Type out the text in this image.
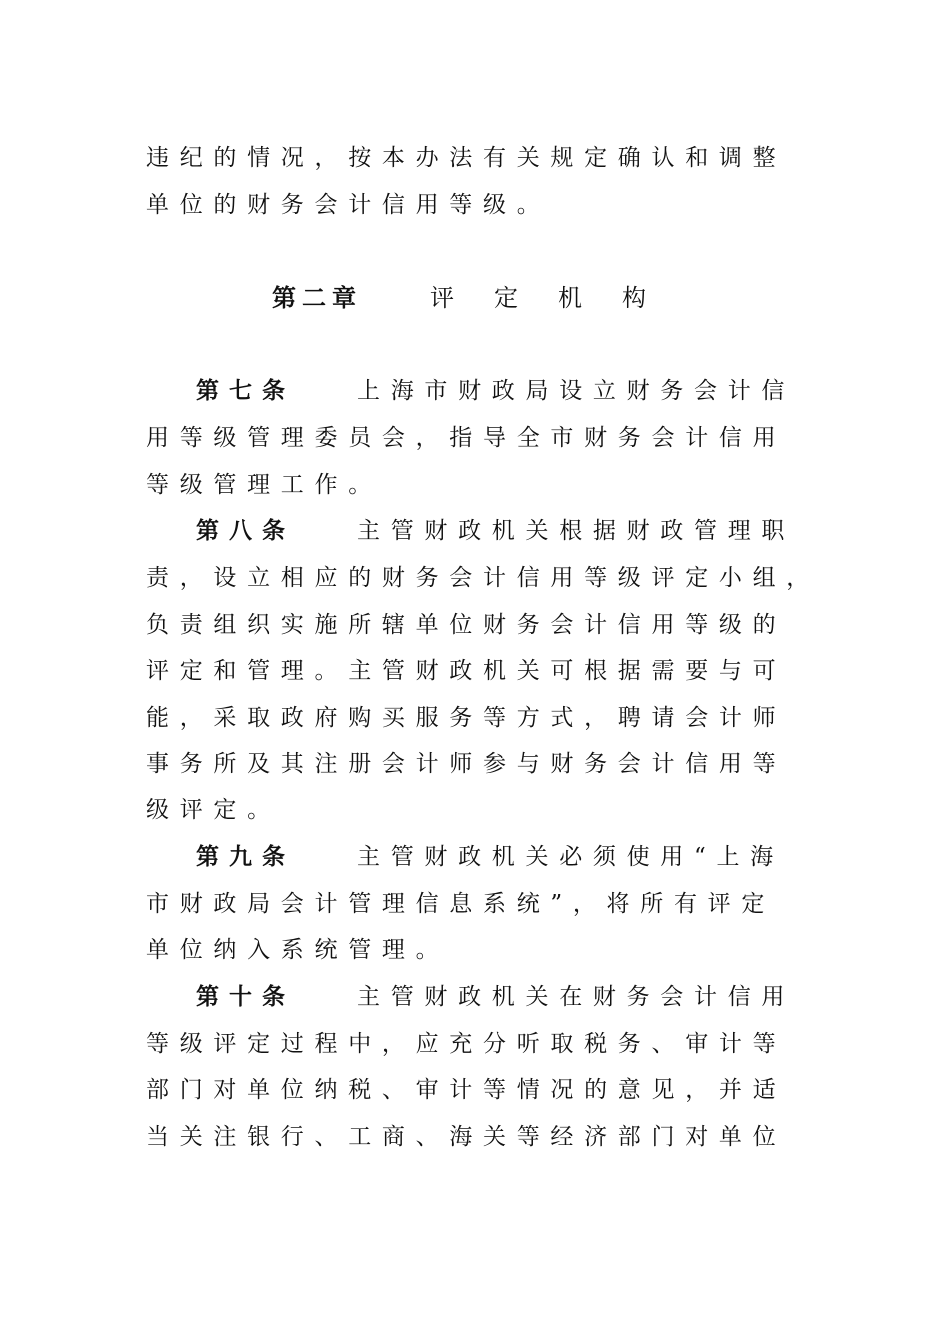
违纪的情况，按本办法有关规定确认和调整
单位的财务会计信用等级。
第二章	评定机构
第七条	上海市财政局设立财务会计信
用等级管理委员会，指导全市财务会计信用
等级管理工作。
第八条	主管财政机关根据财政管理职
责，设立相应的财务会计信用等级评定小组，
负责组织实施所辖单位财务会计信用等级的
评定和管理。主管财政机关可根据需要与可
能，采取政府购买服务等方式，聘请会计师
事务所及其注册会计师参与财务会计信用等
级评定。
第九条	主管财政机关必须使用“上海
市财政局会计管理信息系统”，将所有评定
单位纳入系统管理。
第十条	主管财政机关在财务会计信用
等级评定过程中，应充分听取税务、审计等
部门对单位纳税、审计等情况的意见，并适
当关注银行、工商、海关等经济部门对单位
